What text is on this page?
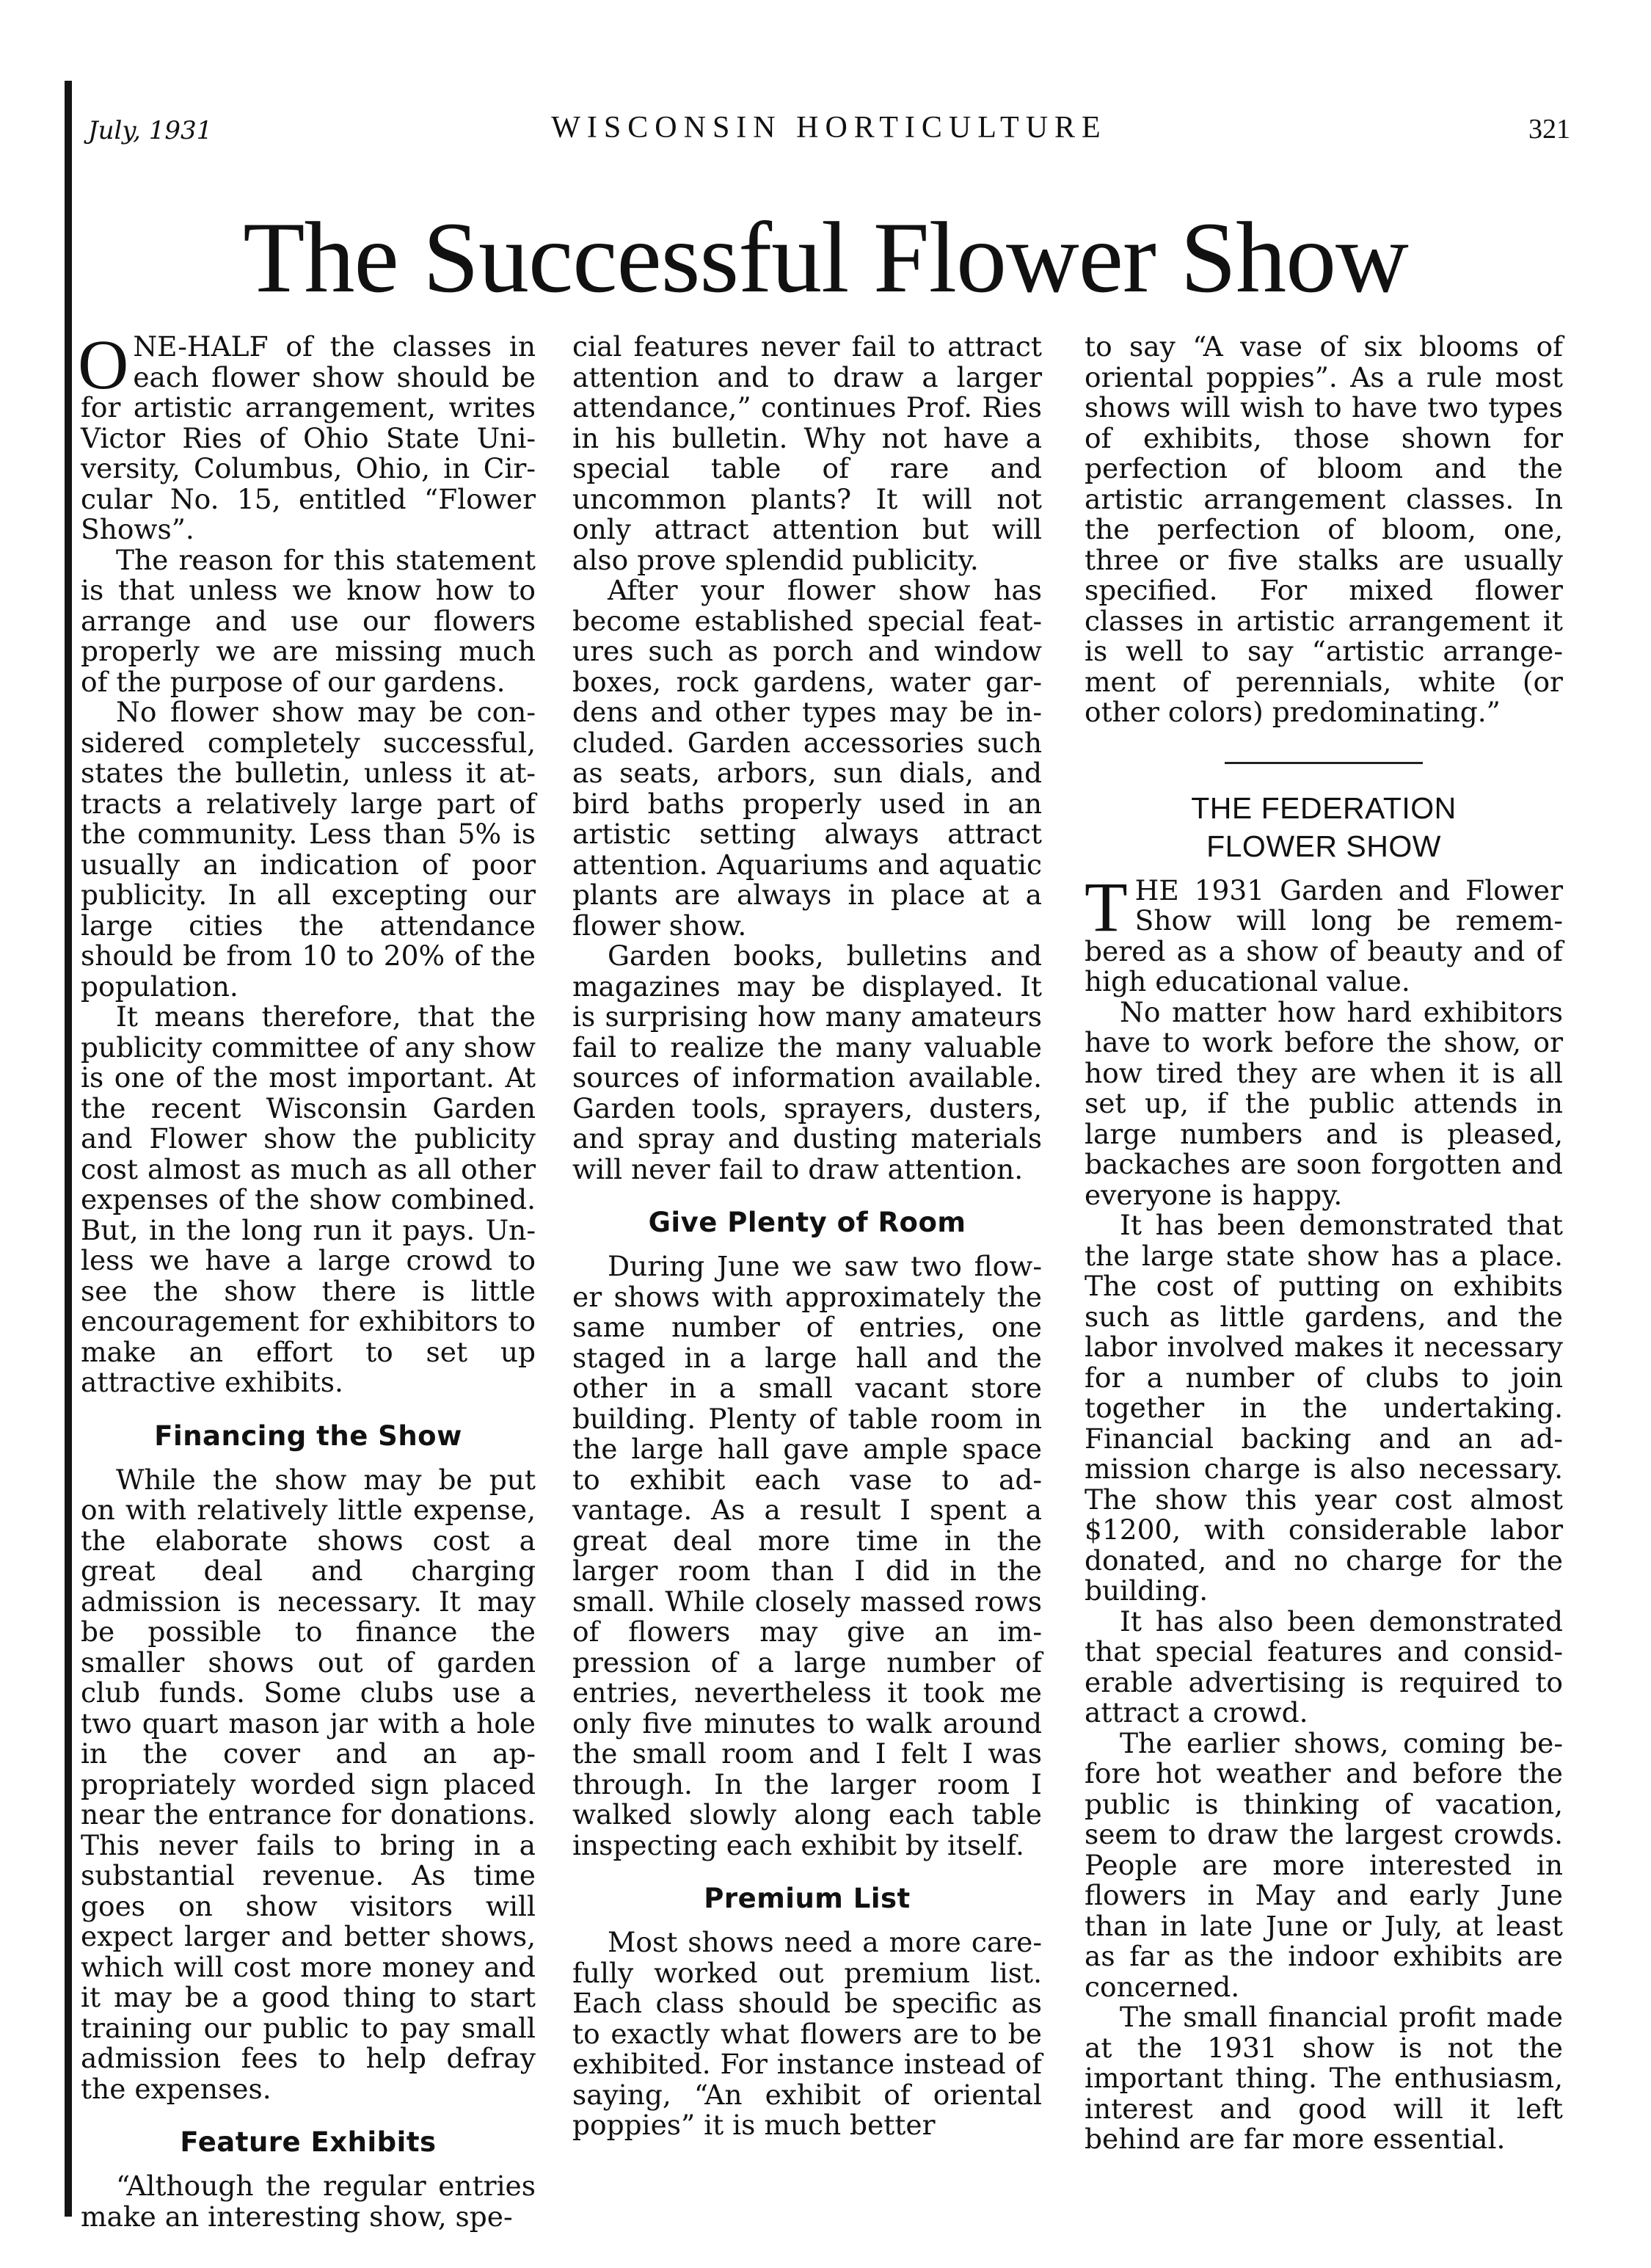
July, 1931	WISCONSIN HORTICULTURE	321
The Successful Flower Show

ONE-HALF of the classes in each flower show should be for artistic arrangement, writes Victor Ries of Ohio State University, Columbus, Ohio, in Circular No. 15, entitled “Flower Shows”.

The reason for this statement is that unless we know how to arrange and use our flowers properly we are missing much of the purpose of our gardens.

No flower show may be considered completely successful, states the bulletin, unless it attracts a relatively large part of the community. Less than 5% is usually an indication of poor publicity. In all excepting our large cities the attendance should be from 10 to 20% of the population.

It means therefore, that the publicity committee of any show is one of the most important. At the recent Wisconsin Garden and Flower show the publicity cost almost as much as all other expenses of the show combined. But, in the long run it pays. Unless we have a large crowd to see the show there is little encouragement for exhibitors to make an effort to set up attractive exhibits.

Financing the Show

While the show may be put on with relatively little expense, the elaborate shows cost a great deal and charging admission is necessary. It may be possible to finance the smaller shows out of garden club funds. Some clubs use a two quart mason jar with a hole in the cover and an appropriately worded sign placed near the entrance for donations. This never fails to bring in a substantial revenue. As time goes on show visitors will expect larger and better shows, which will cost more money and it may be a good thing to start training our public to pay small admission fees to help defray the expenses.

Feature Exhibits

“Although the regular entries make an interesting show, spe-

cial features never fail to attract attention and to draw a larger attendance,” continues Prof. Ries in his bulletin. Why not have a special table of rare and uncommon plants? It will not only attract attention but will also prove splendid publicity.

After your flower show has become established special features such as porch and window boxes, rock gardens, water gardens and other types may be included. Garden accessories such as seats, arbors, sun dials, and bird baths properly used in an artistic setting always attract attention. Aquariums and aquatic plants are always in place at a flower show.

Garden books, bulletins and magazines may be displayed. It is surprising how many amateurs fail to realize the many valuable sources of information available. Garden tools, sprayers, dusters, and spray and dusting materials will never fail to draw attention.

Give Plenty of Room

During June we saw two flower shows with approximately the same number of entries, one staged in a large hall and the other in a small vacant store building. Plenty of table room in the large hall gave ample space to exhibit each vase to advantage. As a result I spent a great deal more time in the larger room than I did in the small. While closely massed rows of flowers may give an impression of a large number of entries, nevertheless it took me only five minutes to walk around the small room and I felt I was through. In the larger room I walked slowly along each table inspecting each exhibit by itself.

Premium List

Most shows need a more carefully worked out premium list. Each class should be specific as to exactly what flowers are to be exhibited. For instance instead of saying, “An exhibit of oriental poppies” it is much better

to say “A vase of six blooms of oriental poppies”. As a rule most shows will wish to have two types of exhibits, those shown for perfection of bloom and the artistic arrangement classes. In the perfection of bloom, one, three or five stalks are usually specified. For mixed flower classes in artistic arrangement it is well to say “artistic arrangement of perennials, white (or other colors) predominating.”

THE FEDERATION
FLOWER SHOW

THE 1931 Garden and Flower Show will long be remembered as a show of beauty and of high educational value.

No matter how hard exhibitors have to work before the show, or how tired they are when it is all set up, if the public attends in large numbers and is pleased, backaches are soon forgotten and everyone is happy.

It has been demonstrated that the large state show has a place. The cost of putting on exhibits such as little gardens, and the labor involved makes it necessary for a number of clubs to join together in the undertaking. Financial backing and an admission charge is also necessary. The show this year cost almost $1200, with considerable labor donated, and no charge for the building.

It has also been demonstrated that special features and considerable advertising is required to attract a crowd.

The earlier shows, coming before hot weather and before the public is thinking of vacation, seem to draw the largest crowds. People are more interested in flowers in May and early June than in late June or July, at least as far as the indoor exhibits are concerned.

The small financial profit made at the 1931 show is not the important thing. The enthusiasm, interest and good will it left behind are far more essential.
